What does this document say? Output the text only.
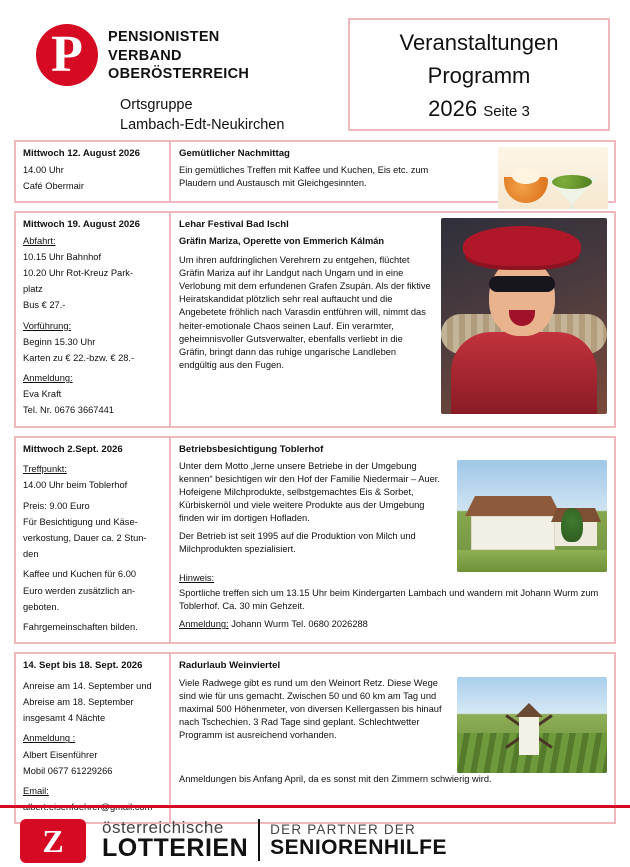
P	PENSIONISTEN
VERBAND
OBERÖSTERREICH
Ortsgruppe
Lambach-Edt-Neukirchen
Veranstaltungen
Programm
2026 Seite 3
Mittwoch 12. August 2026

14.00 Uhr

Café Obermair

Gemütlicher Nachmittag

Ein gemütliches Treffen mit Kaffee und Kuchen, Eis etc. zum Plaudern und Austausch mit Gleichgesinnten.

Mittwoch 19. August 2026

Abfahrt:

10.15 Uhr Bahnhof

10.20 Uhr Rot-Kreuz Park-

platz

Bus € 27.-

Vorführung:

Beginn 15.30 Uhr

Karten zu € 22.-bzw. € 28.-

Anmeldung:

Eva Kraft

Tel. Nr. 0676 3667441

Lehar Festival Bad Ischl
Gräfin Mariza, Operette von Emmerich Kálmán

Um ihren aufdringlichen Verehrern zu entgehen, flüchtet Gräfin Mariza auf ihr Landgut nach Ungarn und in eine Verlobung mit dem erfundenen Grafen Zsupán. Als der fiktive Heiratskandidat plötzlich sehr real auftaucht und die Angebetete fröhlich nach Varasdin entführen will, nimmt das heiter-emotionale Chaos seinen Lauf. Ein verarmter, geheimnisvoller Gutsverwalter, ebenfalls verliebt in die Gräfin, bringt dann das ruhige ungarische Landleben endgültig aus den Fugen.

Mittwoch 2.Sept. 2026

Treffpunkt:

14.00 Uhr beim Toblerhof

Preis: 9.00 Euro

Für Besichtigung und Käse-

verkostung, Dauer ca. 2 Stun-

den

Kaffee und Kuchen für 6.00

Euro werden zusätzlich an-

geboten.

Fahrgemeinschaften bilden.

Betriebsbesichtigung Toblerhof

Unter dem Motto „lerne unsere Betriebe in der Umgebung kennen“ besichtigen wir den Hof der Familie Niedermair – Auer. Hofeigene Milchprodukte, selbstgemachtes Eis & Sorbet, Kürbiskernöl und viele weitere Produkte aus der Umgebung finden wir im dortigen Hofladen.

Der Betrieb ist seit 1995 auf die Produktion von Milch und Milchprodukten spezialisiert.

Hinweis:

Sportliche treffen sich um 13.15 Uhr beim Kindergarten Lambach und wandern mit Johann Wurm zum Toblerhof. Ca. 30 min Gehzeit.

Anmeldung: Johann Wurm Tel. 0680 2026288

14. Sept bis 18. Sept. 2026

Anreise am 14. September und

Abreise am 18. September

insgesamt 4 Nächte

Anmeldung :

Albert Eisenführer

Mobil 0677 61229266

Email:

albert.eisenfuehrer@gmail.com

Radurlaub Weinviertel

Viele Radwege gibt es rund um den Weinort Retz. Diese Wege sind wie für uns gemacht. Zwischen 50 und 60 km am Tag und maximal 500 Höhenmeter, von diversen Kellergassen bis hinauf nach Tschechien. 3 Rad Tage sind geplant. Schlechtwetter Programm ist ausreichend vorhanden.

Anmeldungen bis Anfang April, da es sonst mit den Zimmern schwierig wird.

Z	österreichische
LOTTERIEN
DER PARTNER DER
SENIORENHILFE
